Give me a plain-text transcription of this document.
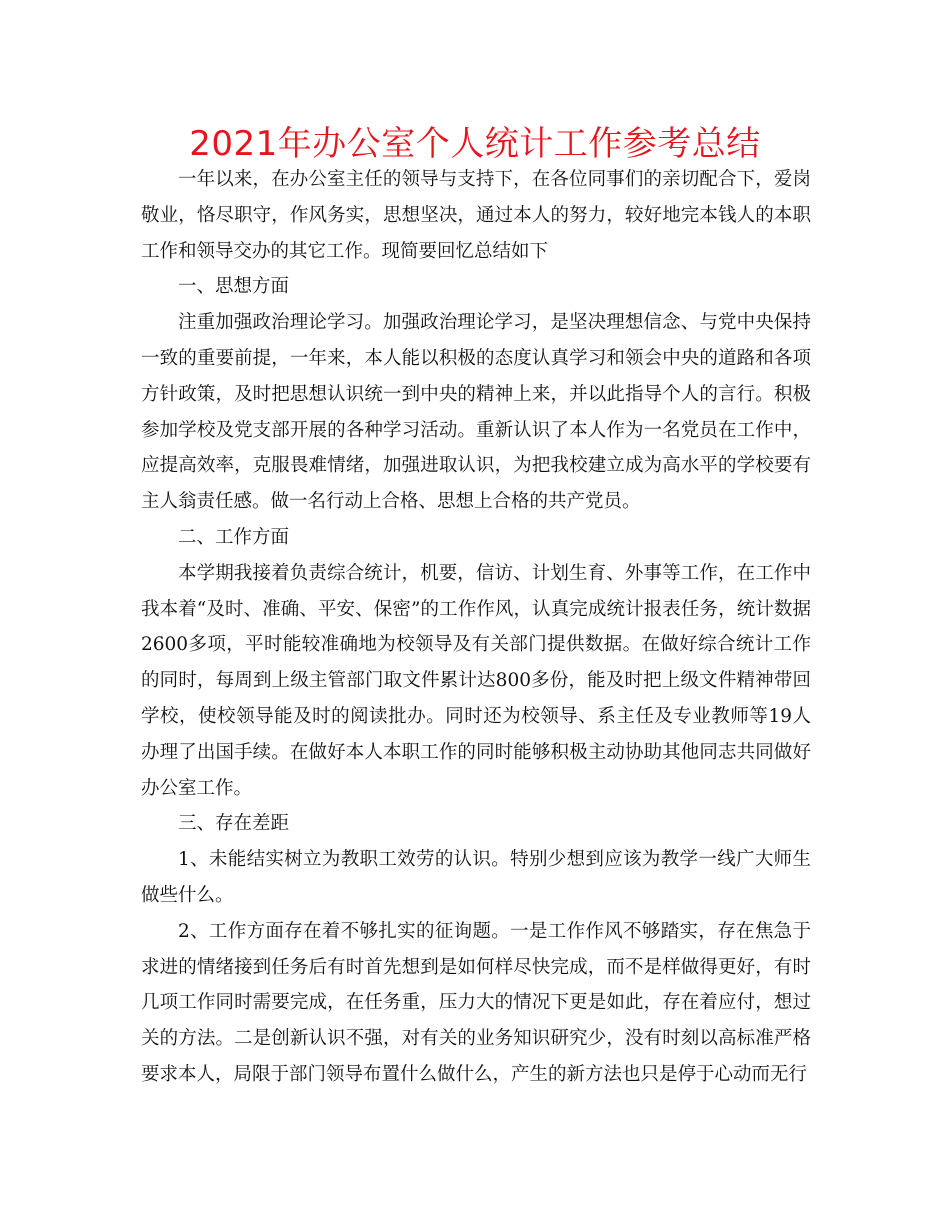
2021年办公室个人统计工作参考总结

一年以来，在办公室主任的领导与支持下，在各位同事们的亲切配合下，爱岗敬业，恪尽职守，作风务实，思想坚决，通过本人的努力，较好地完本钱人的本职工作和领导交办的其它工作。现简要回忆总结如下

一、思想方面

注重加强政治理论学习。加强政治理论学习，是坚决理想信念、与党中央保持一致的重要前提，一年来，本人能以积极的态度认真学习和领会中央的道路和各项方针政策，及时把思想认识统一到中央的精神上来，并以此指导个人的言行。积极参加学校及党支部开展的各种学习活动。重新认识了本人作为一名党员在工作中，应提高效率，克服畏难情绪，加强进取认识，为把我校建立成为高水平的学校要有主人翁责任感。做一名行动上合格、思想上合格的共产党员。

二、工作方面

本学期我接着负责综合统计，机要，信访、计划生育、外事等工作，在工作中我本着“及时、准确、平安、保密”的工作作风，认真完成统计报表任务，统计数据2600多项，平时能较准确地为校领导及有关部门提供数据。在做好综合统计工作的同时，每周到上级主管部门取文件累计达800多份，能及时把上级文件精神带回学校，使校领导能及时的阅读批办。同时还为校领导、系主任及专业教师等19人办理了出国手续。在做好本人本职工作的同时能够积极主动协助其他同志共同做好办公室工作。

三、存在差距

1、未能结实树立为教职工效劳的认识。特别少想到应该为教学一线广大师生做些什么。

2、工作方面存在着不够扎实的征询题。一是工作作风不够踏实，存在焦急于求进的情绪接到任务后有时首先想到是如何样尽快完成，而不是样做得更好，有时几项工作同时需要完成，在任务重，压力大的情况下更是如此，存在着应付，想过关的方法。二是创新认识不强，对有关的业务知识研究少，没有时刻以高标准严格要求本人，局限于部门领导布置什么做什么，产生的新方法也只是停于心动而无行
